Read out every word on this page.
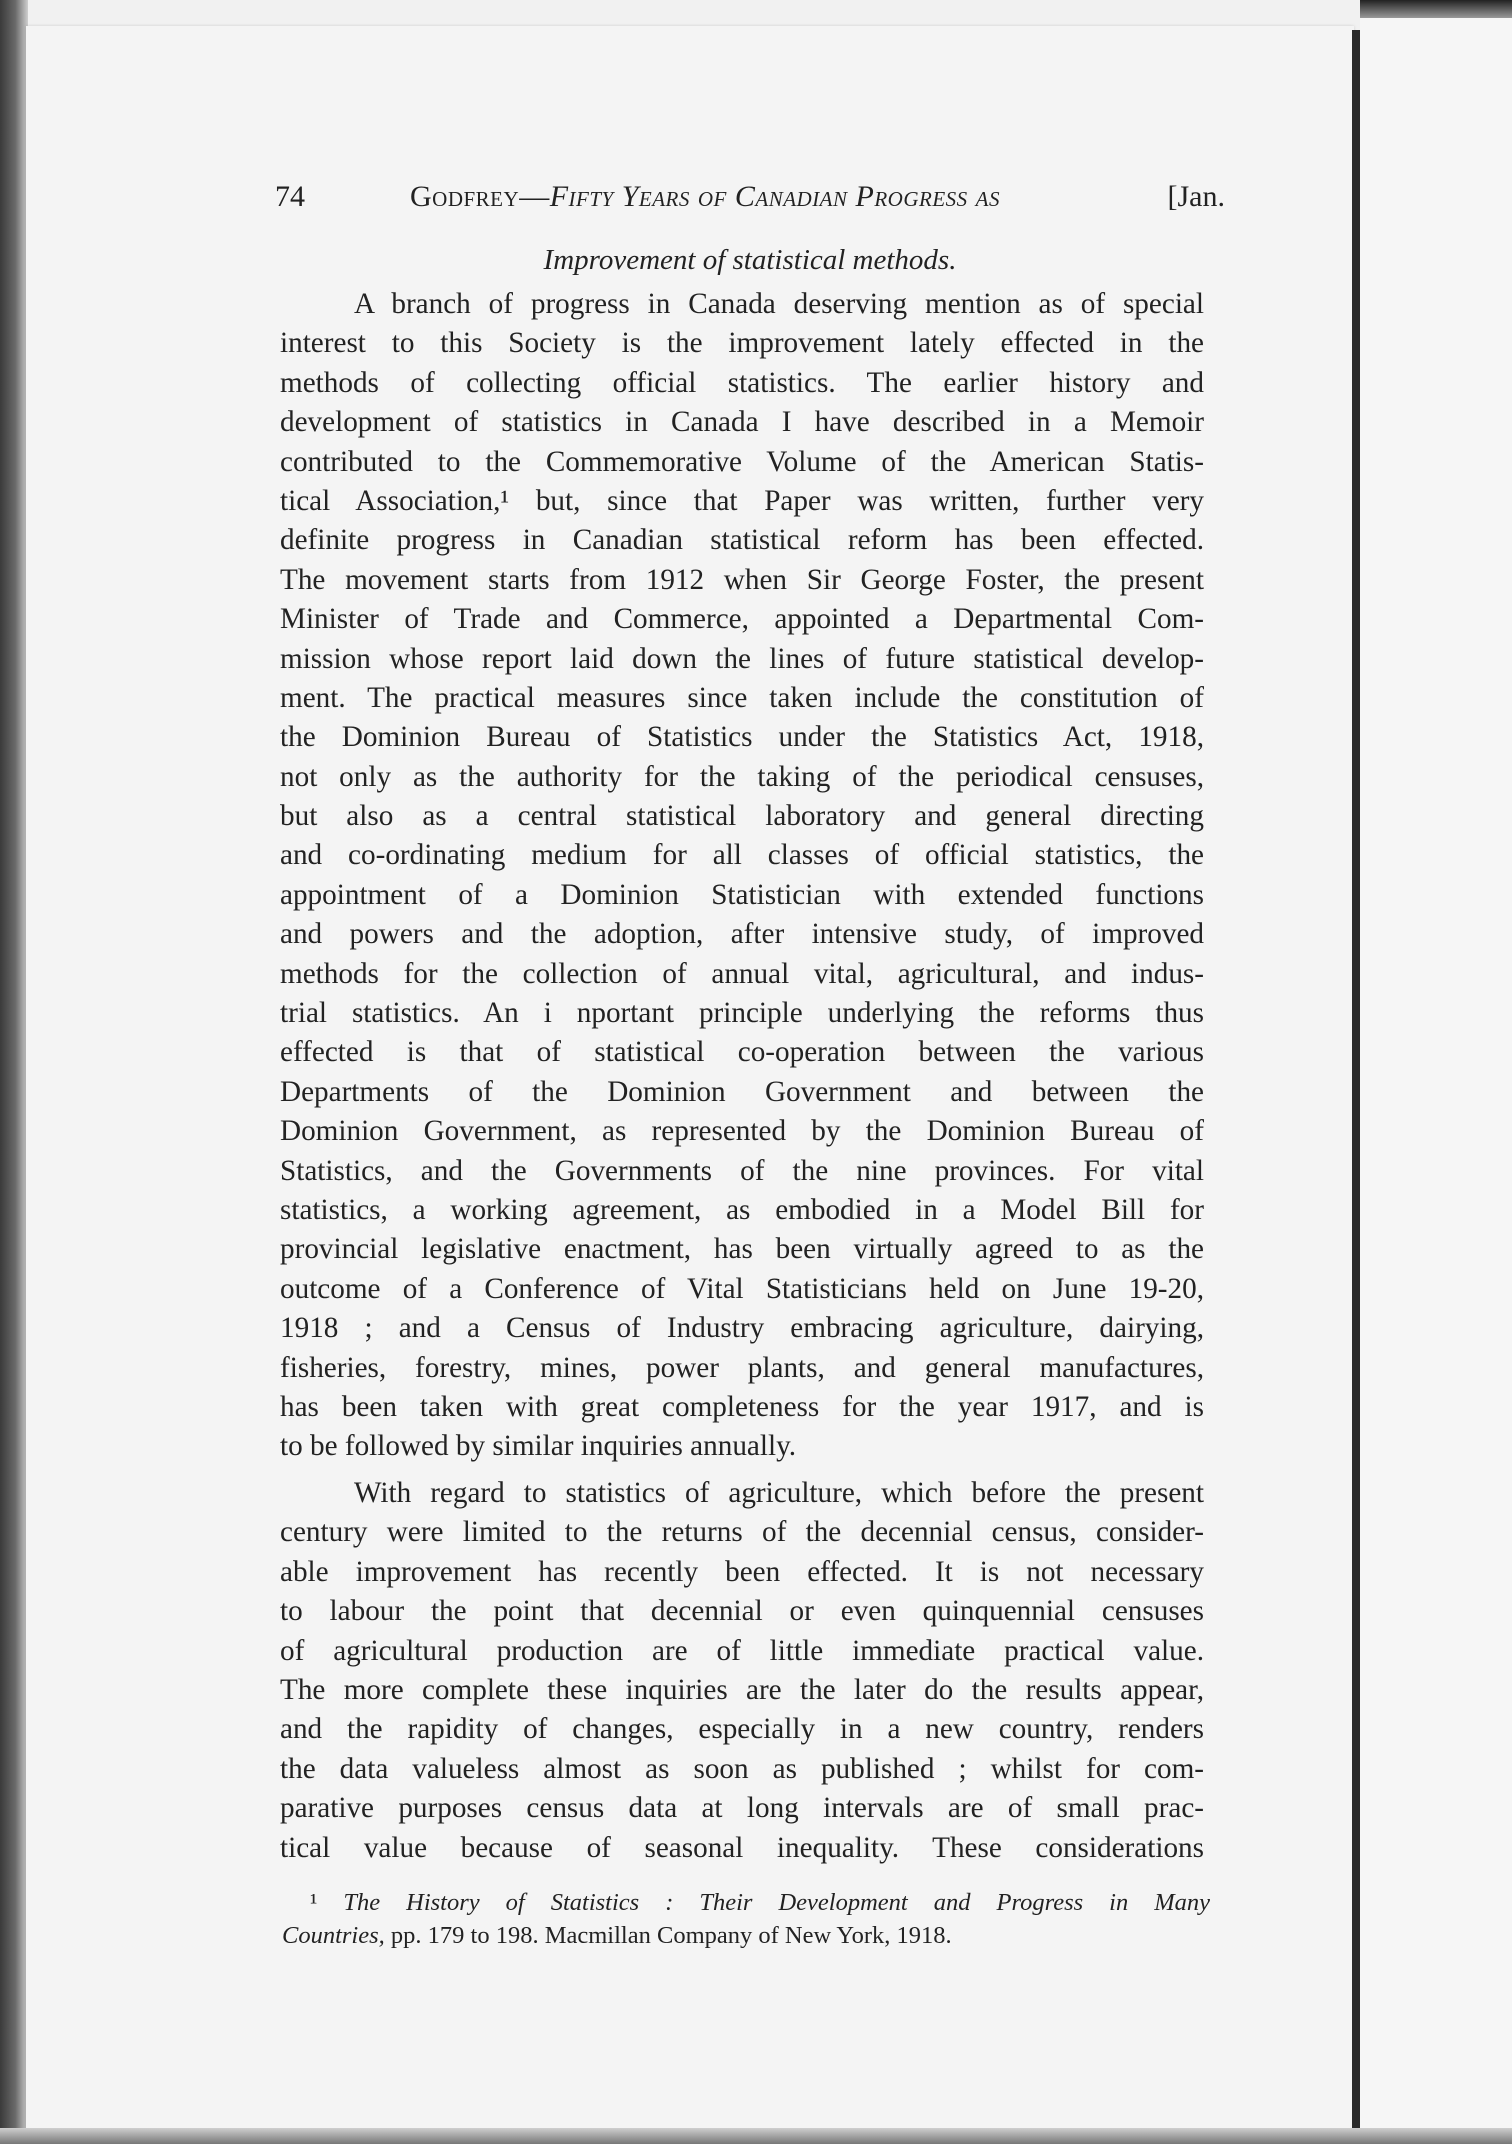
74	Godfrey—Fifty Years of Canadian Progress as	[Jan.
Improvement of statistical methods.
A branch of progress in Canada deserving mention as of special
interest to this Society is the improvement lately effected in the
methods of collecting official statistics. The earlier history and
development of statistics in Canada I have described in a Memoir
contributed to the Commemorative Volume of the American Statis-
tical Association,¹ but, since that Paper was written, further very
definite progress in Canadian statistical reform has been effected.
The movement starts from 1912 when Sir George Foster, the present
Minister of Trade and Commerce, appointed a Departmental Com-
mission whose report laid down the lines of future statistical develop-
ment. The practical measures since taken include the constitution of
the Dominion Bureau of Statistics under the Statistics Act, 1918,
not only as the authority for the taking of the periodical censuses,
but also as a central statistical laboratory and general directing
and co-ordinating medium for all classes of official statistics, the
appointment of a Dominion Statistician with extended functions
and powers and the adoption, after intensive study, of improved
methods for the collection of annual vital, agricultural, and indus-
trial statistics. An i nportant principle underlying the reforms thus
effected is that of statistical co-operation between the various
Departments of the Dominion Government and between the
Dominion Government, as represented by the Dominion Bureau of
Statistics, and the Governments of the nine provinces. For vital
statistics, a working agreement, as embodied in a Model Bill for
provincial legislative enactment, has been virtually agreed to as the
outcome of a Conference of Vital Statisticians held on June 19-20,
1918 ; and a Census of Industry embracing agriculture, dairying,
fisheries, forestry, mines, power plants, and general manufactures,
has been taken with great completeness for the year 1917, and is
to be followed by similar inquiries annually.
With regard to statistics of agriculture, which before the present
century were limited to the returns of the decennial census, consider-
able improvement has recently been effected. It is not necessary
to labour the point that decennial or even quinquennial censuses
of agricultural production are of little immediate practical value.
The more complete these inquiries are the later do the results appear,
and the rapidity of changes, especially in a new country, renders
the data valueless almost as soon as published ; whilst for com-
parative purposes census data at long intervals are of small prac-
tical value because of seasonal inequality. These considerations
¹ The History of Statistics : Their Development and Progress in Many
Countries, pp. 179 to 198. Macmillan Company of New York, 1918.
